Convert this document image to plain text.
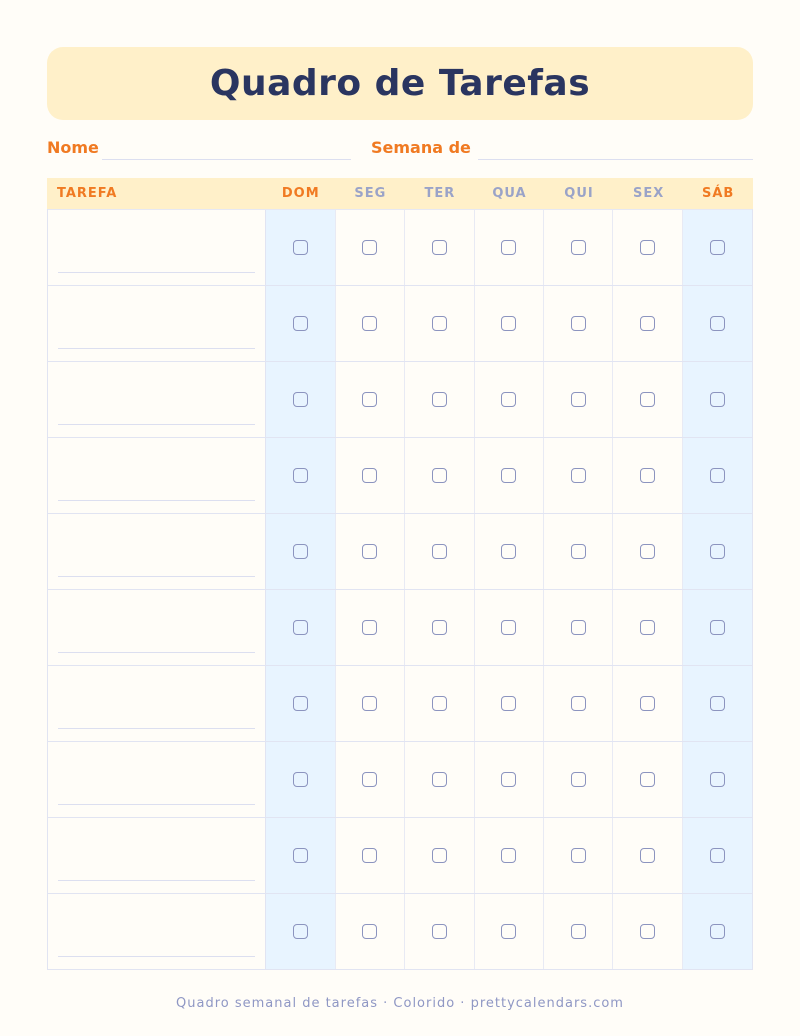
Quadro de Tarefas
Nome	Semana de
TAREFA	DOM	SEG	TER	QUA	QUI	SEX	SÁB
Quadro semanal de tarefas · Colorido · prettycalendars.com
